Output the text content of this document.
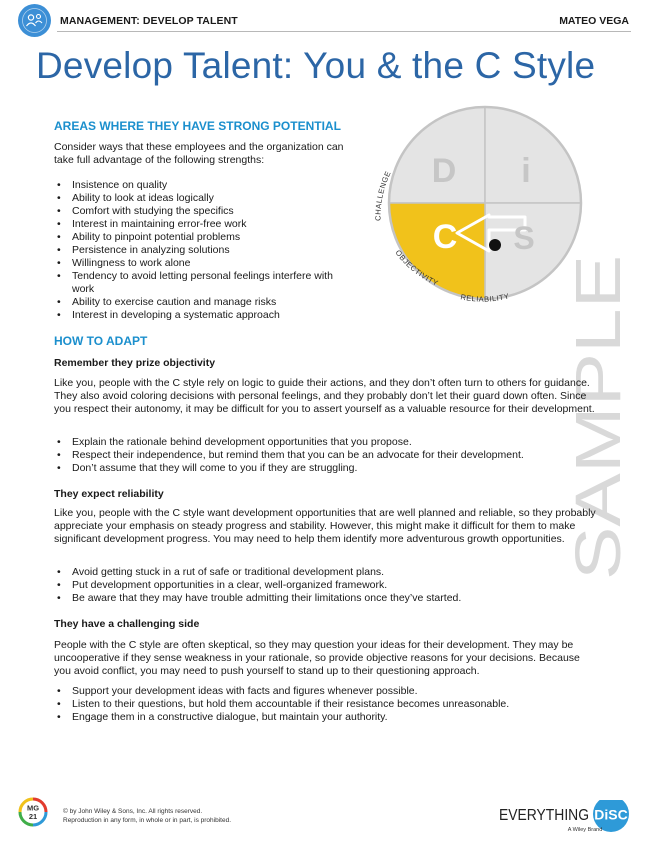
MANAGEMENT: DEVELOP TALENT	MATEO VEGA
Develop Talent: You & the C Style
AREAS WHERE THEY HAVE STRONG POTENTIAL
Consider ways that these employees and the organization can take full advantage of the following strengths:
• Insistence on quality
• Ability to look at ideas logically
• Comfort with studying the specifics
• Interest in maintaining error-free work
• Ability to pinpoint potential problems
• Persistence in analyzing solutions
• Willingness to work alone
• Tendency to avoid letting personal feelings interfere with work
• Ability to exercise caution and manage risks
• Interest in developing a systematic approach
D i
S
C
CHALLENGE
OBJECTIVITY
RELIABILITY
SAMPLE
HOW TO ADAPT
Remember they prize objectivity
Like you, people with the C style rely on logic to guide their actions, and they don’t often turn to others for guidance. They also avoid coloring decisions with personal feelings, and they probably don’t let their guard down often. Since you respect their autonomy, it may be difficult for you to assert yourself as a valuable resource for their development.
• Explain the rationale behind development opportunities that you propose.
• Respect their independence, but remind them that you can be an advocate for their development.
• Don’t assume that they will come to you if they are struggling.
They expect reliability
Like you, people with the C style want development opportunities that are well planned and reliable, so they probably appreciate your emphasis on steady progress and stability. However, this might make it difficult for them to make significant development progress. You may need to help them identify more adventurous growth opportunities.
• Avoid getting stuck in a rut of safe or traditional development plans.
• Put development opportunities in a clear, well-organized framework.
• Be aware that they may have trouble admitting their limitations once they’ve started.
They have a challenging side
People with the C style are often skeptical, so they may question your ideas for their development. They may be uncooperative if they sense weakness in your rationale, so provide objective reasons for your decisions. Because you avoid conflict, you may need to push yourself to stand up to their questioning approach.
• Support your development ideas with facts and figures whenever possible.
• Listen to their questions, but hold them accountable if their resistance becomes unreasonable.
• Engage them in a constructive dialogue, but maintain your authority.
MG
21
© by John Wiley & Sons, Inc. All rights reserved.
Reproduction in any form, in whole or in part, is prohibited.	EVERYTHING DiSC
A Wiley Brand
